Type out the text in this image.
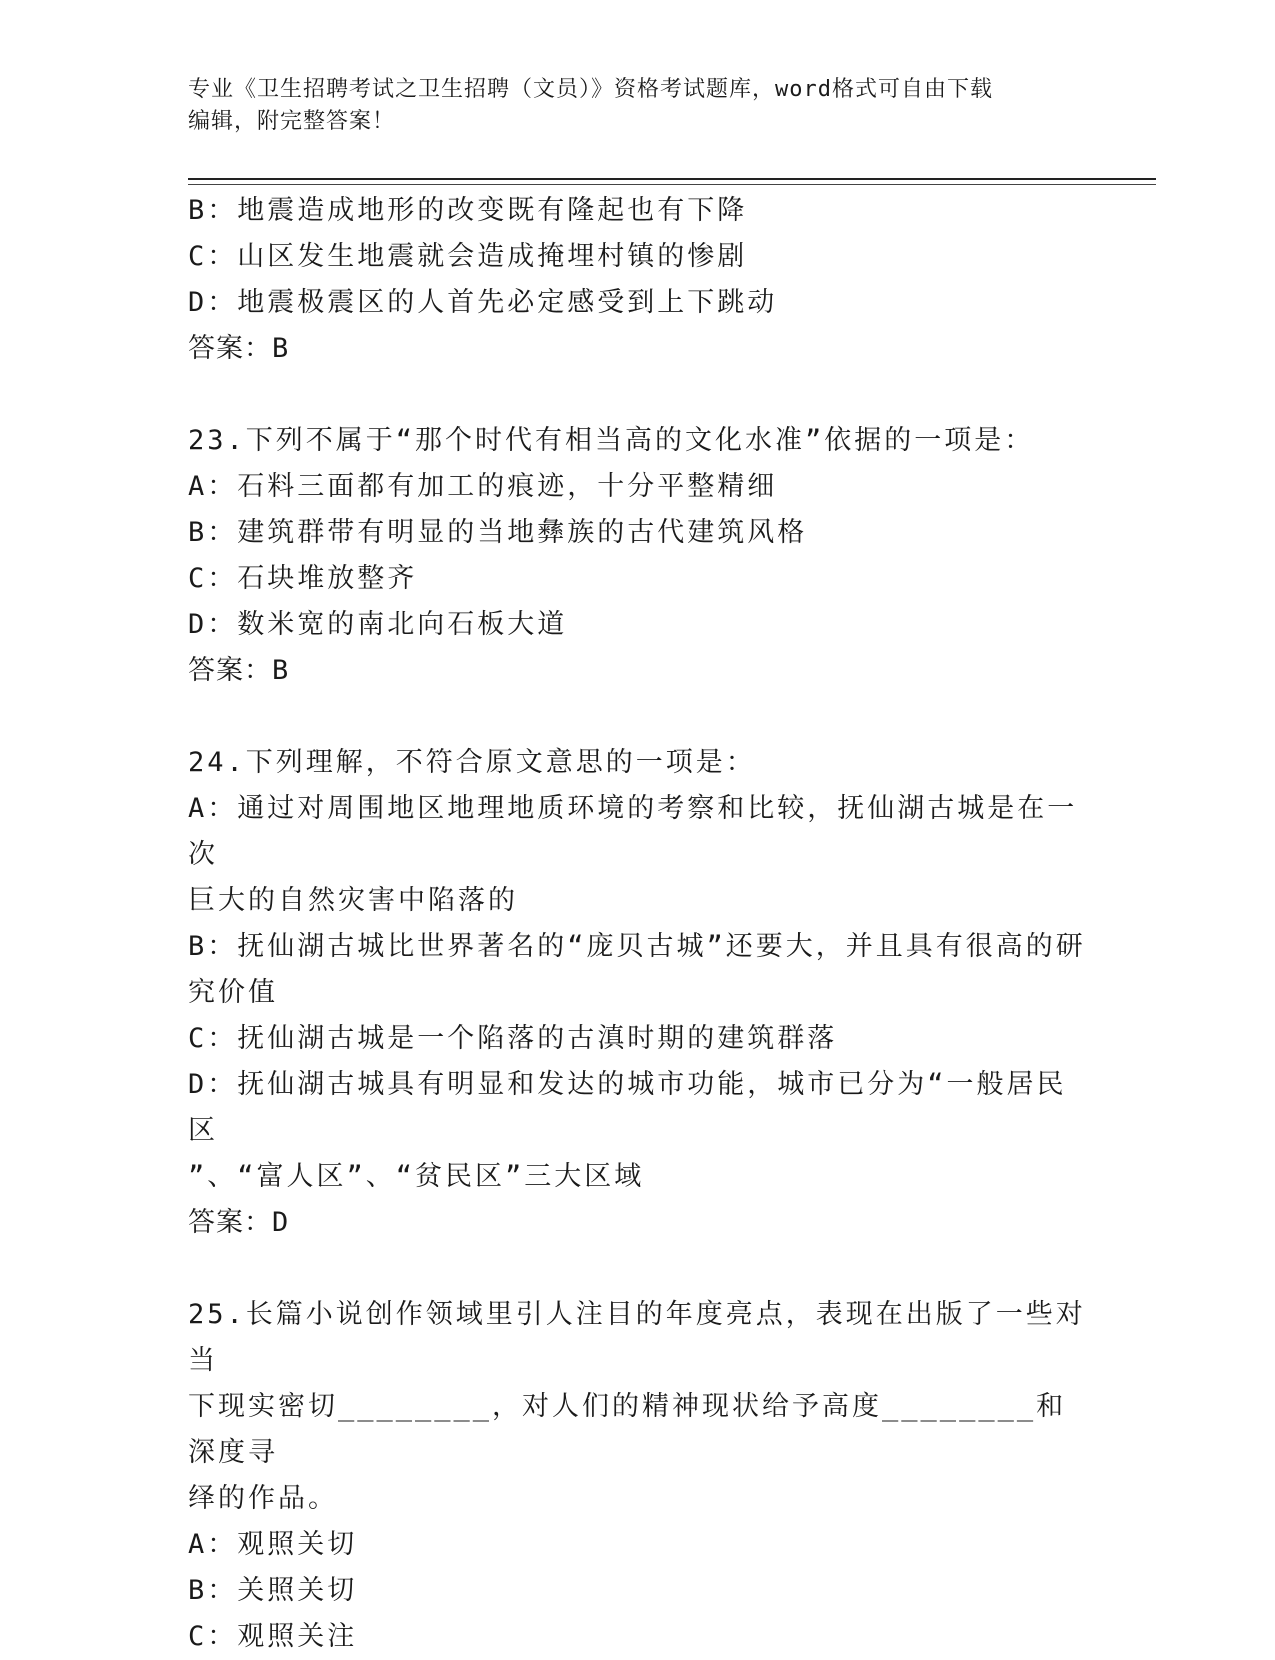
专业《卫生招聘考试之卫生招聘（文员）》资格考试题库，word格式可自由下载
编辑，附完整答案！
B：地震造成地形的改变既有隆起也有下降
C：山区发生地震就会造成掩埋村镇的惨剧
D：地震极震区的人首先必定感受到上下跳动
答案：B
23.下列不属于“那个时代有相当高的文化水准”依据的一项是：
A：石料三面都有加工的痕迹，十分平整精细
B：建筑群带有明显的当地彝族的古代建筑风格
C：石块堆放整齐
D：数米宽的南北向石板大道
答案：B
24.下列理解，不符合原文意思的一项是：
A：通过对周围地区地理地质环境的考察和比较，抚仙湖古城是在一次
巨大的自然灾害中陷落的
B：抚仙湖古城比世界著名的“庞贝古城”还要大，并且具有很高的研
究价值
C：抚仙湖古城是一个陷落的古滇时期的建筑群落
D：抚仙湖古城具有明显和发达的城市功能，城市已分为“一般居民区
”、“富人区”、“贫民区”三大区域
答案：D
25.长篇小说创作领域里引人注目的年度亮点，表现在出版了一些对当
下现实密切________，对人们的精神现状给予高度________和深度寻
绎的作品。
A：观照关切
B：关照关切
C：观照关注
